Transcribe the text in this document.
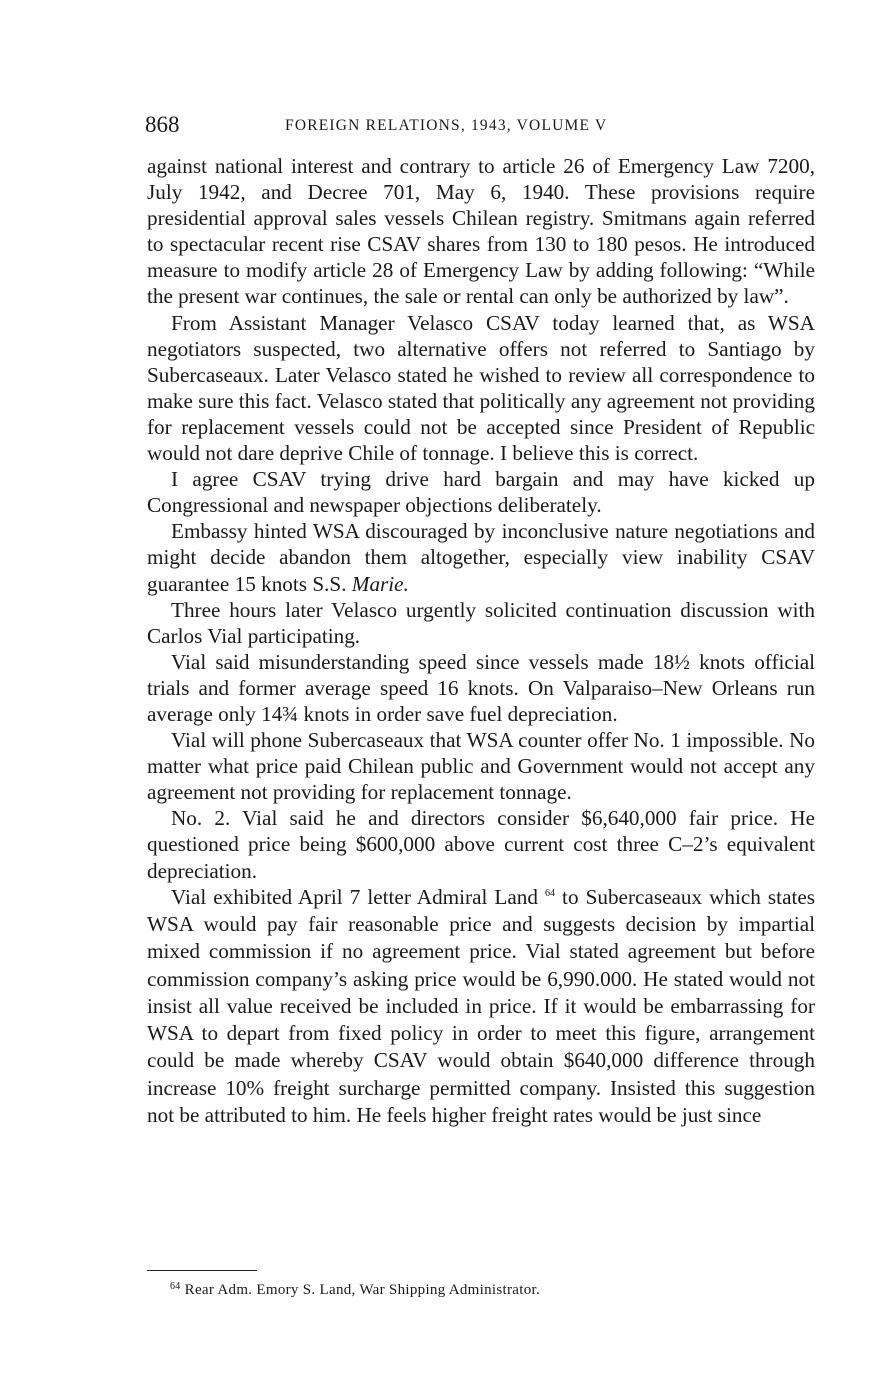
868	FOREIGN RELATIONS, 1943, VOLUME V

against national interest and contrary to article 26 of Emergency Law 7200, July 1942, and Decree 701, May 6, 1940. These provisions require presidential approval sales vessels Chilean registry. Smitmans again referred to spectacular recent rise CSAV shares from 130 to 180 pesos. He introduced measure to modify article 28 of Emergency Law by adding following: “While the present war continues, the sale or rental can only be authorized by law”.

From Assistant Manager Velasco CSAV today learned that, as WSA negotiators suspected, two alternative offers not referred to Santiago by Subercaseaux. Later Velasco stated he wished to review all correspondence to make sure this fact. Velasco stated that politically any agreement not providing for replacement vessels could not be accepted since President of Republic would not dare deprive Chile of tonnage. I believe this is correct.

I agree CSAV trying drive hard bargain and may have kicked up Congressional and newspaper objections deliberately.

Embassy hinted WSA discouraged by inconclusive nature negotiations and might decide abandon them altogether, especially view inability CSAV guarantee 15 knots S.S. Marie.

Three hours later Velasco urgently solicited continuation discussion with Carlos Vial participating.

Vial said misunderstanding speed since vessels made 18½ knots official trials and former average speed 16 knots. On Valparaiso–New Orleans run average only 14¾ knots in order save fuel depreciation.

Vial will phone Subercaseaux that WSA counter offer No. 1 impossible. No matter what price paid Chilean public and Government would not accept any agreement not providing for replacement tonnage.

No. 2. Vial said he and directors consider $6,640,000 fair price. He questioned price being $600,000 above current cost three C–2’s equivalent depreciation.

Vial exhibited April 7 letter Admiral Land $^{64}$ to Subercaseaux which states WSA would pay fair reasonable price and suggests decision by impartial mixed commission if no agreement price. Vial stated agreement but before commission company’s asking price would be 6,990.000. He stated would not insist all value received be included in price. If it would be embarrassing for WSA to depart from fixed policy in order to meet this figure, arrangement could be made whereby CSAV would obtain $640,000 difference through increase 10% freight surcharge permitted company. Insisted this suggestion not be attributed to him. He feels higher freight rates would be just since

$^{64}$ Rear Adm. Emory S. Land, War Shipping Administrator.
